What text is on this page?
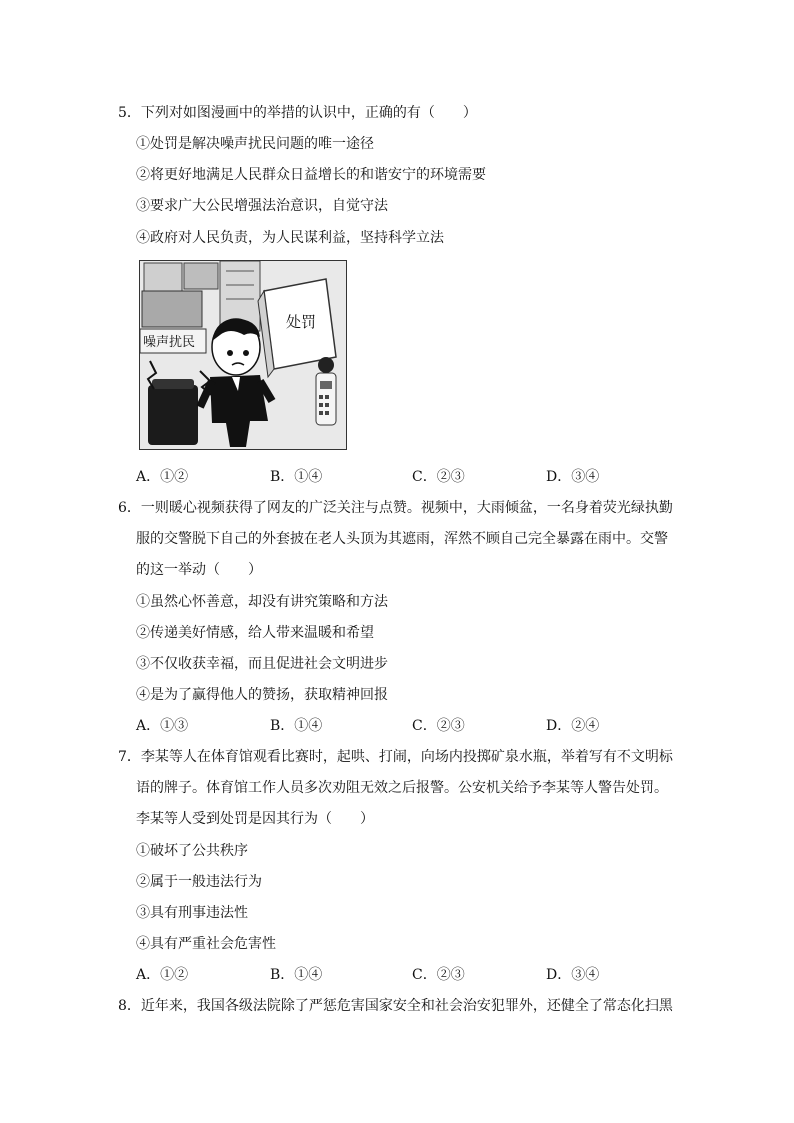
5．下列对如图漫画中的举措的认识中，正确的有（　　）
①处罚是解决噪声扰民问题的唯一途径
②将更好地满足人民群众日益增长的和谐安宁的环境需要
③要求广大公民增强法治意识，自觉守法
④政府对人民负责，为人民谋利益，坚持科学立法
噪声扰民
处罚
A．①②	B．①④	C．②③	D．③④
6．一则暖心视频获得了网友的广泛关注与点赞。视频中，大雨倾盆，一名身着荧光绿执勤
服的交警脱下自己的外套披在老人头顶为其遮雨，浑然不顾自己完全暴露在雨中。交警
的这一举动（　　）
①虽然心怀善意，却没有讲究策略和方法
②传递美好情感，给人带来温暖和希望
③不仅收获幸福，而且促进社会文明进步
④是为了赢得他人的赞扬，获取精神回报
A．①③	B．①④	C．②③	D．②④
7．李某等人在体育馆观看比赛时，起哄、打闹，向场内投掷矿泉水瓶，举着写有不文明标
语的牌子。体育馆工作人员多次劝阻无效之后报警。公安机关给予李某等人警告处罚。
李某等人受到处罚是因其行为（　　）
①破坏了公共秩序
②属于一般违法行为
③具有刑事违法性
④具有严重社会危害性
A．①②	B．①④	C．②③	D．③④
8．近年来，我国各级法院除了严惩危害国家安全和社会治安犯罪外，还健全了常态化扫黑
